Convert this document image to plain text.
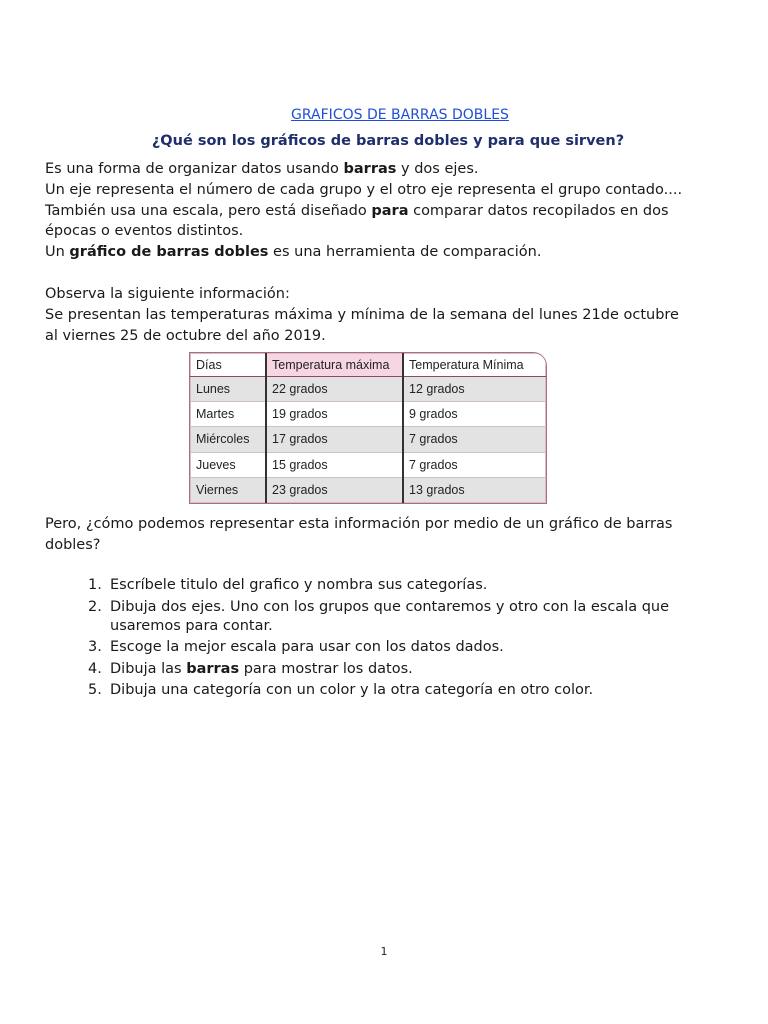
GRAFICOS DE BARRAS DOBLES
¿Qué son los gráficos de barras dobles y para que sirven?
Es una forma de organizar datos usando barras y dos ejes.
Un eje representa el número de cada grupo y el otro eje representa el grupo contado....
También usa una escala, pero está diseñado para comparar datos recopilados en dos
épocas o eventos distintos.
Un gráfico de barras dobles es una herramienta de comparación.
Observa la siguiente información:
Se presentan las temperaturas máxima y mínima de la semana del lunes 21de octubre
al viernes 25 de octubre del año 2019.
Días	Temperatura máxima	Temperatura Mínima
Lunes	22 grados	12 grados
Martes	19 grados	9 grados
Miércoles	17 grados	7 grados
Jueves	15 grados	7 grados
Viernes	23 grados	13 grados
Pero, ¿cómo podemos representar esta información por medio de un gráfico de barras
dobles?
1. Escríbele titulo del grafico y nombra sus categorías.
2. Dibuja dos ejes. Uno con los grupos que contaremos y otro con la escala que usaremos para contar.
3. Escoge la mejor escala para usar con los datos dados.
4. Dibuja las barras para mostrar los datos.
5. Dibuja una categoría con un color y la otra categoría en otro color.
1
